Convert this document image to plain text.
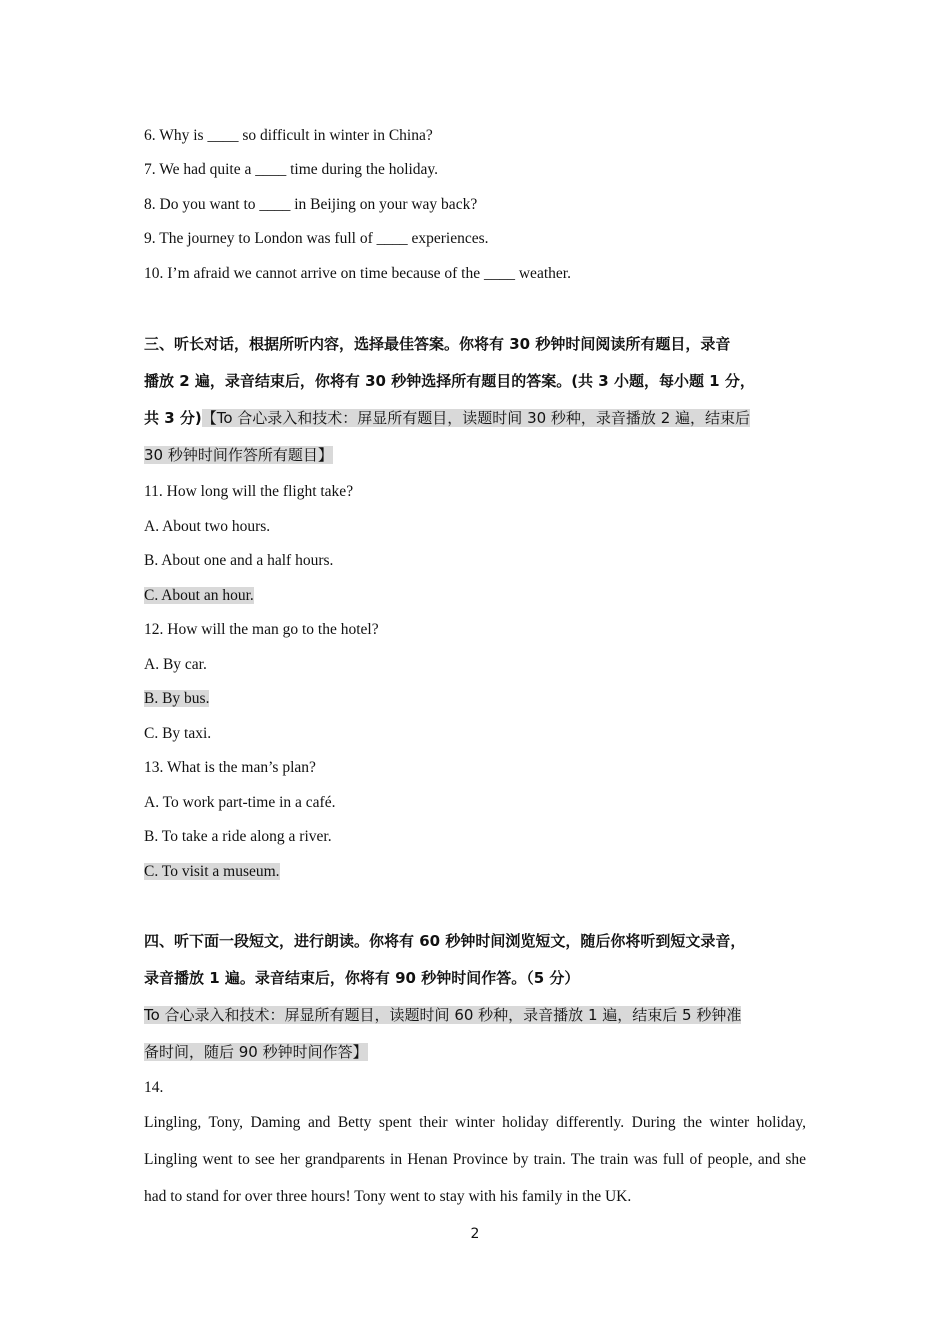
6. Why is ____ so difficult in winter in China?
7. We had quite a ____ time during the holiday.
8. Do you want to ____ in Beijing on your way back?
9. The journey to London was full of ____ experiences.
10. I’m afraid we cannot arrive on time because of the ____ weather.
三、听长对话，根据所听内容，选择最佳答案。你将有 30 秒钟时间阅读所有题目，录音
播放 2 遍，录音结束后，你将有 30 秒钟选择所有题目的答案。(共 3 小题，每小题 1 分，
共 3 分)【To 合心录入和技术：屏显所有题目，读题时间 30 秒种，录音播放 2 遍，结束后
30 秒钟时间作答所有题目】
11. How long will the flight take?
A. About two hours.
B. About one and a half hours.
C. About an hour.
12. How will the man go to the hotel?
A. By car.
B. By bus.
C. By taxi.
13. What is the man’s plan?
A. To work part-time in a café.
B. To take a ride along a river.
C. To visit a museum.
四、听下面一段短文，进行朗读。你将有 60 秒钟时间浏览短文，随后你将听到短文录音，
录音播放 1 遍。录音结束后，你将有 90 秒钟时间作答。（5 分）
To 合心录入和技术：屏显所有题目，读题时间 60 秒种，录音播放 1 遍，结束后 5 秒钟准
备时间，随后 90 秒钟时间作答】
14.
Lingling, Tony, Daming and Betty spent their winter holiday differently. During the winter holiday, Lingling went to see her grandparents in Henan Province by train. The train was full of people, and she had to stand for over three hours! Tony went to stay with his family in the UK.
2
